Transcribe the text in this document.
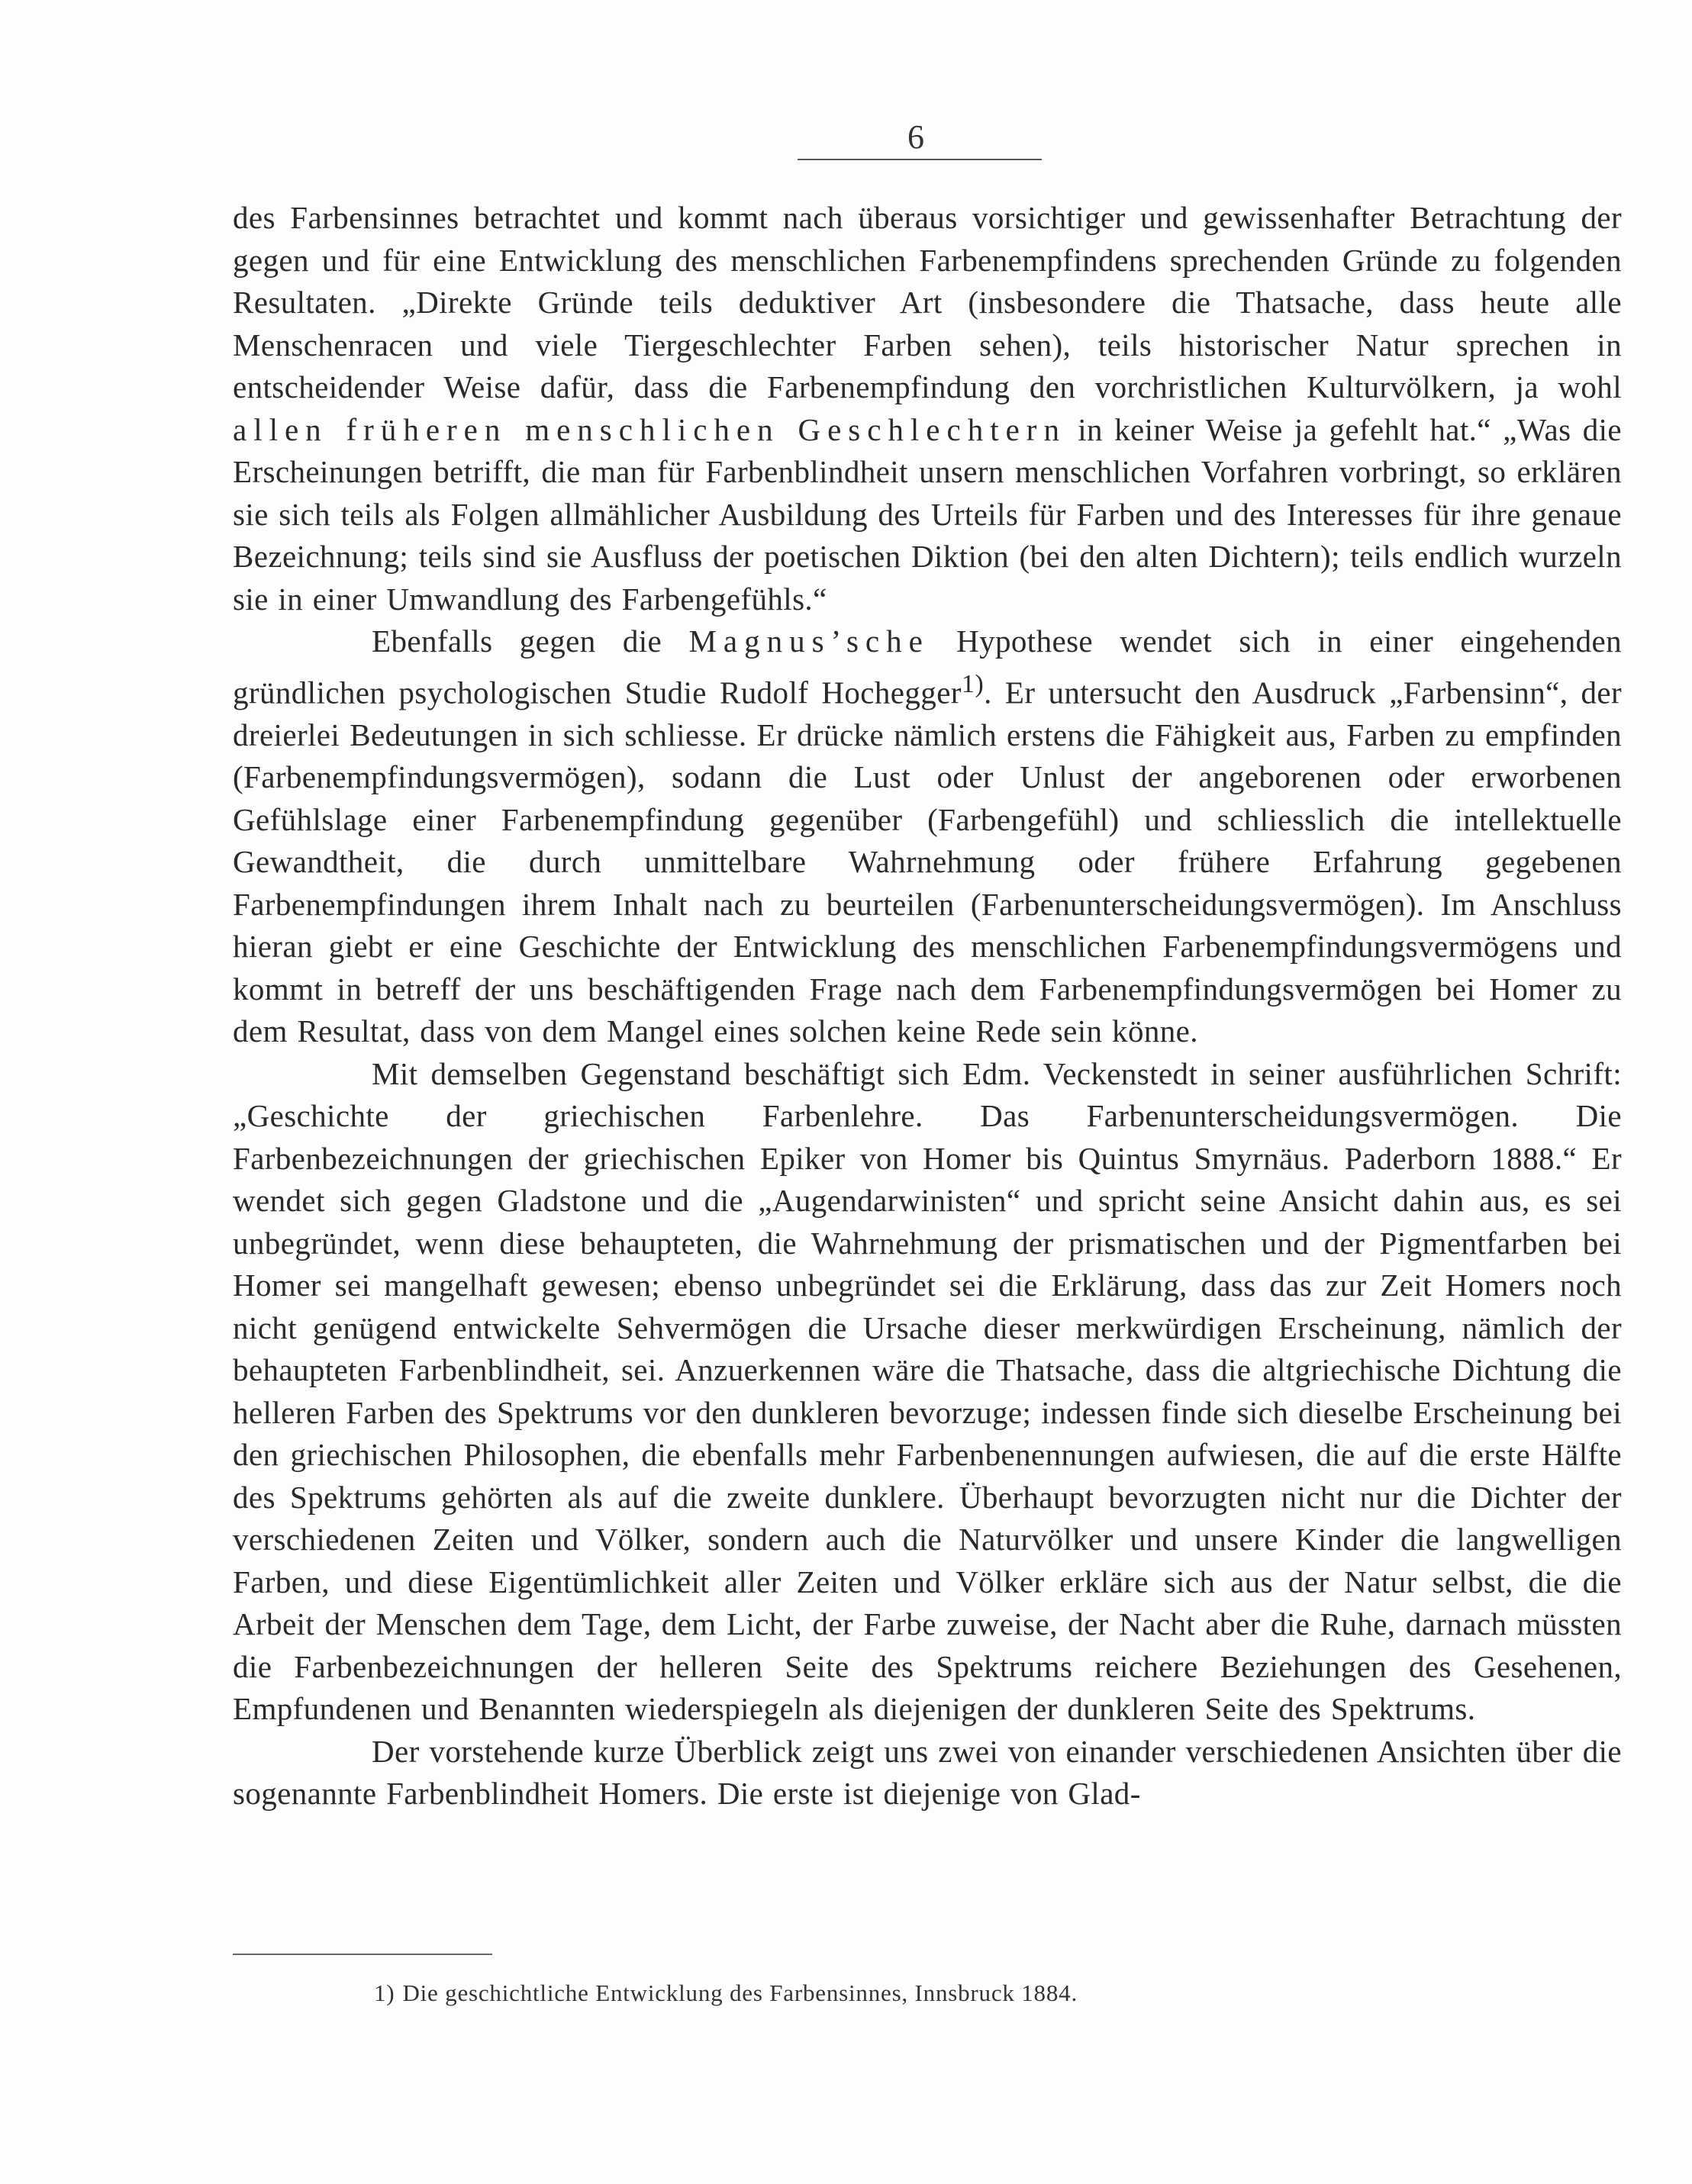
6

des Farbensinnes betrachtet und kommt nach überaus vorsichtiger und gewissenhafter Betrachtung der gegen und für eine Entwicklung des menschlichen Farbenempfindens sprechenden Gründe zu folgenden Resultaten. „Direkte Gründe teils deduktiver Art (insbesondere die Thatsache, dass heute alle Menschenracen und viele Tiergeschlechter Farben sehen), teils historischer Natur sprechen in entscheidender Weise dafür, dass die Farbenempfindung den vorchristlichen Kulturvölkern, ja wohl allen früheren menschlichen Geschlechtern in keiner Weise ja gefehlt hat.“ „Was die Erscheinungen betrifft, die man für Farbenblindheit unsern menschlichen Vorfahren vorbringt, so erklären sie sich teils als Folgen allmählicher Ausbildung des Urteils für Farben und des Interesses für ihre genaue Bezeichnung; teils sind sie Ausfluss der poetischen Diktion (bei den alten Dichtern); teils endlich wurzeln sie in einer Umwandlung des Farbengefühls.“

Ebenfalls gegen die Magnus’sche Hypothese wendet sich in einer eingehenden gründlichen psychologischen Studie Rudolf Hochegger$^{1)}$. Er untersucht den Ausdruck „Farbensinn“, der dreierlei Bedeutungen in sich schliesse. Er drücke nämlich erstens die Fähigkeit aus, Farben zu empfinden (Farbenempfindungsvermögen), sodann die Lust oder Unlust der angeborenen oder erworbenen Gefühlslage einer Farbenempfindung gegenüber (Farbengefühl) und schliesslich die intellektuelle Gewandtheit, die durch unmittelbare Wahrnehmung oder frühere Erfahrung gegebenen Farbenempfindungen ihrem Inhalt nach zu beurteilen (Farbenunterscheidungsvermögen). Im Anschluss hieran giebt er eine Geschichte der Entwicklung des menschlichen Farbenempfindungsvermögens und kommt in betreff der uns beschäftigenden Frage nach dem Farbenempfindungsvermögen bei Homer zu dem Resultat, dass von dem Mangel eines solchen keine Rede sein könne.

Mit demselben Gegenstand beschäftigt sich Edm. Veckenstedt in seiner ausführlichen Schrift: „Geschichte der griechischen Farbenlehre. Das Farbenunterscheidungsvermögen. Die Farbenbezeichnungen der griechischen Epiker von Homer bis Quintus Smyrnäus. Paderborn 1888.“ Er wendet sich gegen Gladstone und die „Augendarwinisten“ und spricht seine Ansicht dahin aus, es sei unbegründet, wenn diese behaupteten, die Wahrnehmung der prismatischen und der Pigmentfarben bei Homer sei mangelhaft gewesen; ebenso unbegründet sei die Erklärung, dass das zur Zeit Homers noch nicht genügend entwickelte Sehvermögen die Ursache dieser merkwürdigen Erscheinung, nämlich der behaupteten Farbenblindheit, sei. Anzuerkennen wäre die Thatsache, dass die altgriechische Dichtung die helleren Farben des Spektrums vor den dunkleren bevorzuge; indessen finde sich dieselbe Erscheinung bei den griechischen Philosophen, die ebenfalls mehr Farbenbenennungen aufwiesen, die auf die erste Hälfte des Spektrums gehörten als auf die zweite dunklere. Überhaupt bevorzugten nicht nur die Dichter der verschiedenen Zeiten und Völker, sondern auch die Naturvölker und unsere Kinder die langwelligen Farben, und diese Eigentümlichkeit aller Zeiten und Völker erkläre sich aus der Natur selbst, die die Arbeit der Menschen dem Tage, dem Licht, der Farbe zuweise, der Nacht aber die Ruhe, darnach müssten die Farbenbezeichnungen der helleren Seite des Spektrums reichere Beziehungen des Gesehenen, Empfundenen und Benannten wiederspiegeln als diejenigen der dunkleren Seite des Spektrums.

Der vorstehende kurze Überblick zeigt uns zwei von einander verschiedenen Ansichten über die sogenannte Farbenblindheit Homers. Die erste ist diejenige von Glad-

1) Die geschichtliche Entwicklung des Farbensinnes, Innsbruck 1884.
